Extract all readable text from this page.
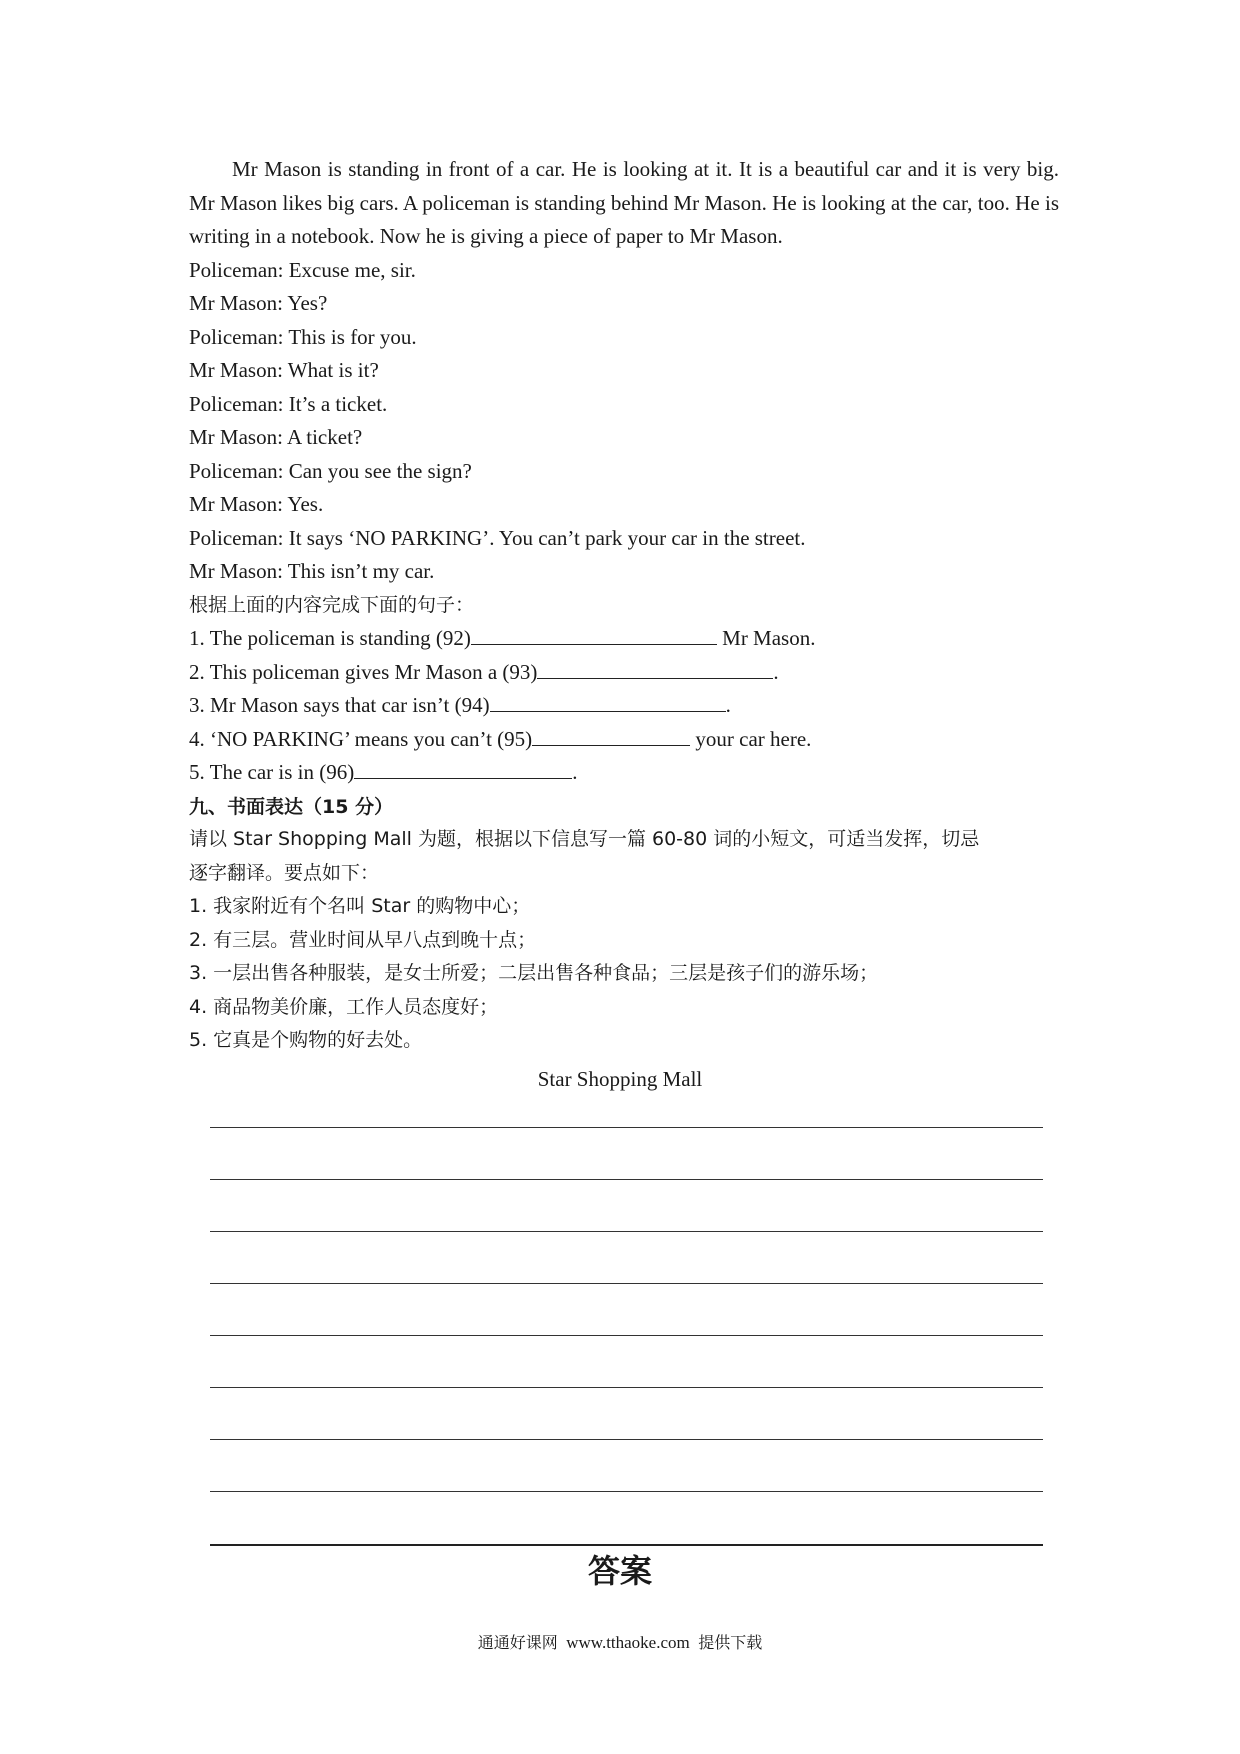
Mr Mason is standing in front of a car. He is looking at it. It is a beautiful car and it is very big. Mr Mason likes big cars. A policeman is standing behind Mr Mason. He is looking at the car, too. He is writing in a notebook. Now he is giving a piece of paper to Mr Mason.

Policeman: Excuse me, sir.

Mr Mason: Yes?

Policeman: This is for you.

Mr Mason: What is it?

Policeman: It’s a ticket.

Mr Mason: A ticket?

Policeman: Can you see the sign?

Mr Mason: Yes.

Policeman: It says ‘NO PARKING’. You can’t park your car in the street.

Mr Mason: This isn’t my car.

根据上面的内容完成下面的句子：

1. The policeman is standing (92)	Mr Mason.

2. This policeman gives Mr Mason a (93)	.

3. Mr Mason says that car isn’t (94)	.

4. ‘NO PARKING’ means you can’t (95)	your car here.

5. The car is in (96)	.

九、书面表达（15 分）

请以 Star Shopping Mall 为题，根据以下信息写一篇 60-80 词的小短文，可适当发挥，切忌

逐字翻译。要点如下：

1. 我家附近有个名叫 Star 的购物中心；

2. 有三层。营业时间从早八点到晚十点；

3. 一层出售各种服装，是女士所爱；二层出售各种食品；三层是孩子们的游乐场；

4. 商品物美价廉，工作人员态度好；

5. 它真是个购物的好去处。

Star Shopping Mall
答案
通通好课网 www.tthaoke.com 提供下载
